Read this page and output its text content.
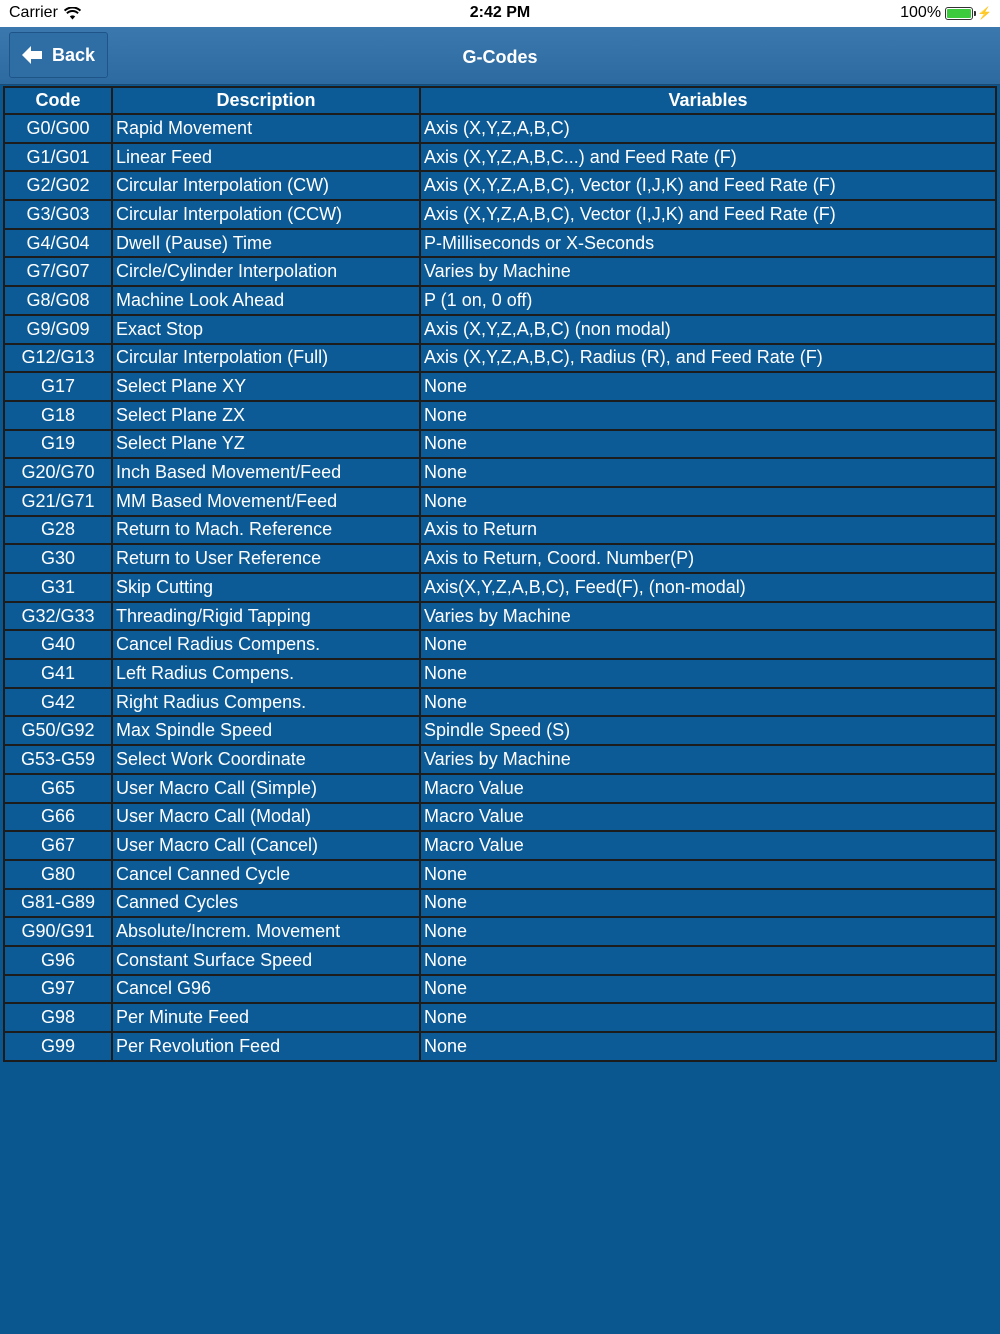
Carrier	2:42 PM	100%	⚡
Back	G-Codes
Code	Description	Variables
G0/G00	Rapid Movement	Axis (X,Y,Z,A,B,C)
G1/G01	Linear Feed	Axis (X,Y,Z,A,B,C...) and Feed Rate (F)
G2/G02	Circular Interpolation (CW)	Axis (X,Y,Z,A,B,C), Vector (I,J,K) and Feed Rate (F)
G3/G03	Circular Interpolation (CCW)	Axis (X,Y,Z,A,B,C), Vector (I,J,K) and Feed Rate (F)
G4/G04	Dwell (Pause) Time	P-Milliseconds or X-Seconds
G7/G07	Circle/Cylinder Interpolation	Varies by Machine
G8/G08	Machine Look Ahead	P (1 on, 0 off)
G9/G09	Exact Stop	Axis (X,Y,Z,A,B,C) (non modal)
G12/G13	Circular Interpolation (Full)	Axis (X,Y,Z,A,B,C), Radius (R), and Feed Rate (F)
G17	Select Plane XY	None
G18	Select Plane ZX	None
G19	Select Plane YZ	None
G20/G70	Inch Based Movement/Feed	None
G21/G71	MM Based Movement/Feed	None
G28	Return to Mach. Reference	Axis to Return
G30	Return to User Reference	Axis to Return, Coord. Number(P)
G31	Skip Cutting	Axis(X,Y,Z,A,B,C), Feed(F), (non-modal)
G32/G33	Threading/Rigid Tapping	Varies by Machine
G40	Cancel Radius Compens.	None
G41	Left Radius Compens.	None
G42	Right Radius Compens.	None
G50/G92	Max Spindle Speed	Spindle Speed (S)
G53-G59	Select Work Coordinate	Varies by Machine
G65	User Macro Call (Simple)	Macro Value
G66	User Macro Call (Modal)	Macro Value
G67	User Macro Call (Cancel)	Macro Value
G80	Cancel Canned Cycle	None
G81-G89	Canned Cycles	None
G90/G91	Absolute/Increm. Movement	None
G96	Constant Surface Speed	None
G97	Cancel G96	None
G98	Per Minute Feed	None
G99	Per Revolution Feed	None
